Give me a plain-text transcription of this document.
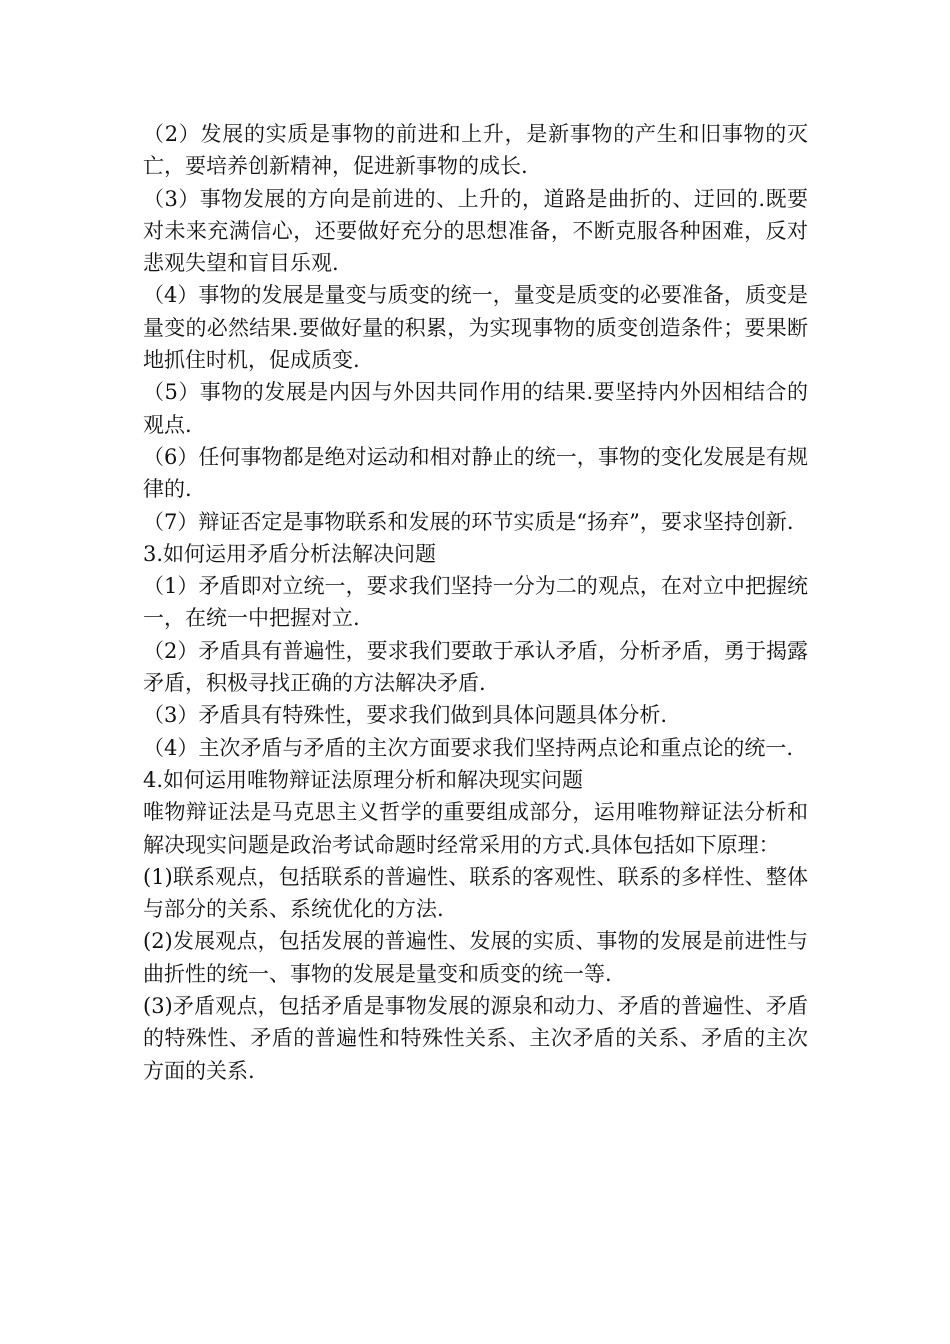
（2）发展的实质是事物的前进和上升，是新事物的产生和旧事物的灭亡，要培养创新精神，促进新事物的成长.

（3）事物发展的方向是前进的、上升的，道路是曲折的、迂回的.既要对未来充满信心，还要做好充分的思想准备，不断克服各种困难，反对悲观失望和盲目乐观.

（4）事物的发展是量变与质变的统一，量变是质变的必要准备，质变是量变的必然结果.要做好量的积累，为实现事物的质变创造条件；要果断地抓住时机，促成质变.

（5）事物的发展是内因与外因共同作用的结果.要坚持内外因相结合的观点.

（6）任何事物都是绝对运动和相对静止的统一，事物的变化发展是有规律的.

（7）辩证否定是事物联系和发展的环节实质是“扬弃”，要求坚持创新.

3.如何运用矛盾分析法解决问题

（1）矛盾即对立统一，要求我们坚持一分为二的观点，在对立中把握统一，在统一中把握对立.

（2）矛盾具有普遍性，要求我们要敢于承认矛盾，分析矛盾，勇于揭露矛盾，积极寻找正确的方法解决矛盾.

（3）矛盾具有特殊性，要求我们做到具体问题具体分析.

（4）主次矛盾与矛盾的主次方面要求我们坚持两点论和重点论的统一.

4.如何运用唯物辩证法原理分析和解决现实问题

唯物辩证法是马克思主义哲学的重要组成部分，运用唯物辩证法分析和解决现实问题是政治考试命题时经常采用的方式.具体包括如下原理：

(1)联系观点，包括联系的普遍性、联系的客观性、联系的多样性、整体与部分的关系、系统优化的方法.

(2)发展观点，包括发展的普遍性、发展的实质、事物的发展是前进性与曲折性的统一、事物的发展是量变和质变的统一等.

(3)矛盾观点，包括矛盾是事物发展的源泉和动力、矛盾的普遍性、矛盾的特殊性、矛盾的普遍性和特殊性关系、主次矛盾的关系、矛盾的主次方面的关系.
